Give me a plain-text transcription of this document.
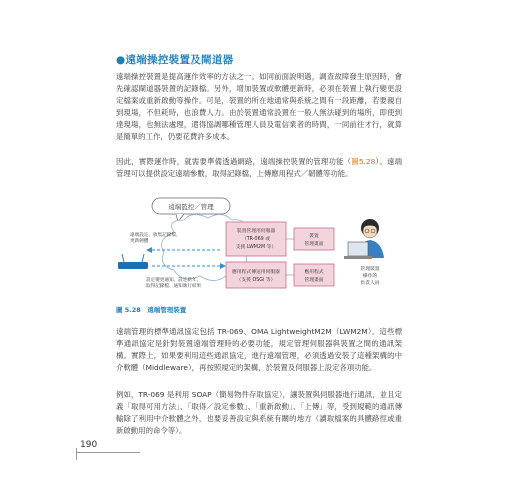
●遠端操控裝置及閘道器
遠端操控裝置是提高運作效率的方法之一。如同前面說明過，調查故障發生原因時，會先確認閘道器裝置的記錄檔。另外，增加裝置或軟體更新時，必須在裝置上執行變更設定檔案或重新啟動等操作。可是，裝置的所在地通常與系統之間有一段距離，若要親自到現場，不但耗時，也浪費人力。由於裝置通常設置在一般人無法碰到的場所，即使到達現場，也無法處理，還得協調哪種管理人員及電信業者的時間，一同前往才行，就算是簡單的工作，仍要花費許多成本。
因此，實際運作時，就需要準備透過網路，遠端操控裝置的管理功能（圖5.28）。遠端管理可以提供設定遠端參數，取得記錄檔，上傳應用程式／韌體等功能。
遠端監控／管理
遠端設定、收集記錄檔、
更新韌體
設定變更通知、設定新年、
取得記錄檔、通知執行結果
裝置管理用伺服器
（TR-069 或
支援 LWM2M 等）
應用程式傳送用伺服器
（支援 OSGi 等）
裝置
管理畫面
應用程式
管理畫面
管理裝置
操作的
負責人員
圖 5.28　遠端管理裝置
遠端管理的標準通訊協定包括 TR-069、OMA LightweightM2M（LWM2M）。這些標準通訊協定是針對裝置遠端管理時的必要功能，規定管理伺服器與裝置之間的通訊架構。實際上，如果要利用這些通訊協定，進行遠端管理，必須透過安裝了這種架構的中介軟體（Middleware），再按照規定的架構，於裝置及伺服器上設定各項功能。
例如，TR-069 是利用 SOAP（簡易物件存取協定），讓裝置與伺服器進行通訊，並且定義「取得可用方法」、「取得／設定參數」、「重新啟動」、「上傳」等，受到規範的通訊傳輸除了利用中介軟體之外，也要妥善設定與系統有關的地方（讀取檔案的具體路徑或重新啟動用的命令等）。
190
